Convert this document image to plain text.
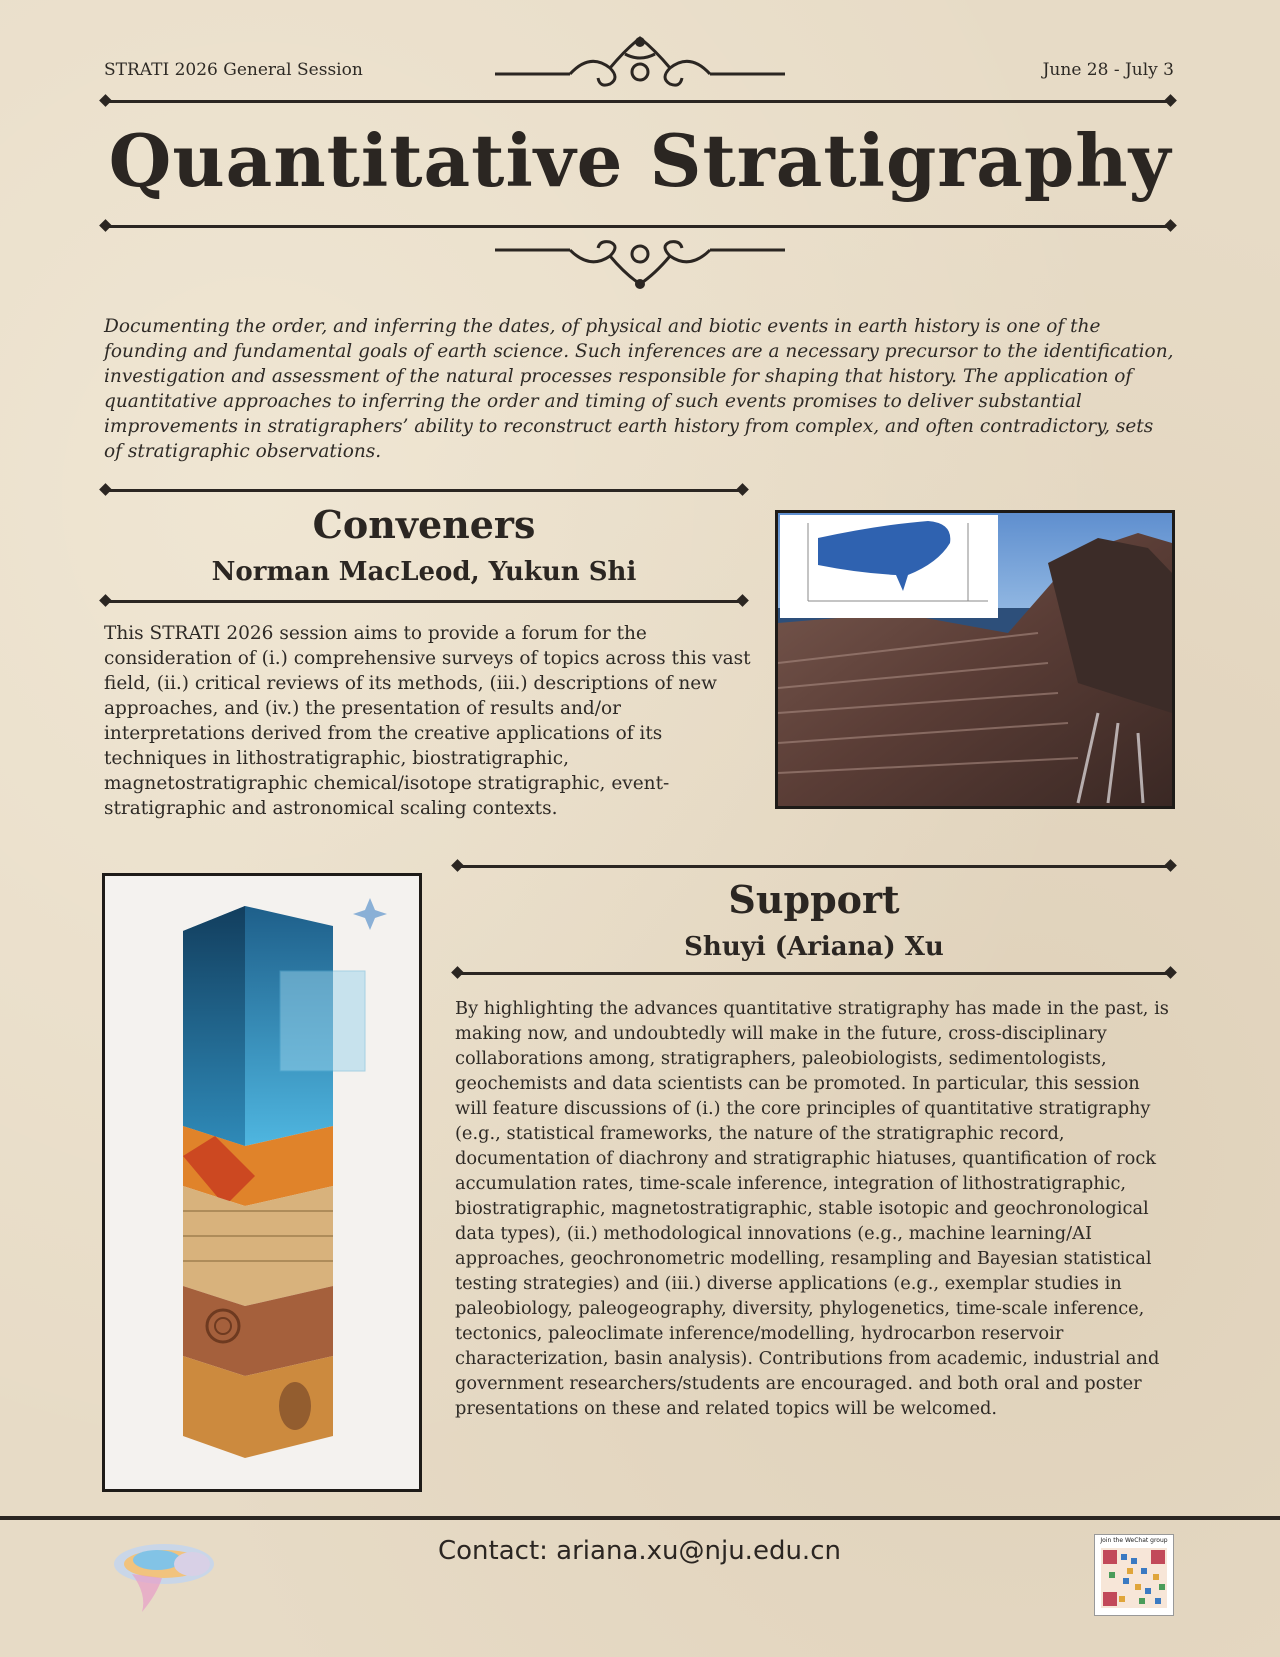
STRATI 2026 General Session	June 28 - July 3
Quantitative Stratigraphy
Documenting the order, and inferring the dates, of physical and biotic events in earth history is one of the founding and fundamental goals of earth science. Such inferences are a necessary precursor to the identification, investigation and assessment of the natural processes responsible for shaping that history. The application of quantitative approaches to inferring the order and timing of such events promises to deliver substantial improvements in stratigraphers’ ability to reconstruct earth history from complex, and often contradictory, sets of stratigraphic observations.
Conveners
Norman MacLeod, Yukun Shi
This STRATI 2026 session aims to provide a forum for the consideration of (i.) comprehensive surveys of topics across this vast field, (ii.) critical reviews of its methods, (iii.) descriptions of new approaches, and (iv.) the presentation of results and/or interpretations derived from the creative applications of its techniques in lithostratigraphic, biostratigraphic, magnetostratigraphic chemical/isotope stratigraphic, event-stratigraphic and astronomical scaling contexts.
Support
Shuyi (Ariana) Xu
By highlighting the advances quantitative stratigraphy has made in the past, is making now, and undoubtedly will make in the future, cross-disciplinary collaborations among, stratigraphers, paleobiologists, sedimentologists, geochemists and data scientists can be promoted. In particular, this session will feature discussions of (i.) the core principles of quantitative stratigraphy (e.g., statistical frameworks, the nature of the stratigraphic record, documentation of diachrony and stratigraphic hiatuses, quantification of rock accumulation rates, time-scale inference, integration of lithostratigraphic, biostratigraphic, magnetostratigraphic, stable isotopic and geochronological data types), (ii.) methodological innovations (e.g., machine learning/AI approaches, geochronometric modelling, resampling and Bayesian statistical testing strategies) and (iii.) diverse applications (e.g., exemplar studies in paleobiology, paleogeography, diversity, phylogenetics, time-scale inference, tectonics, paleoclimate inference/modelling, hydrocarbon reservoir characterization, basin analysis). Contributions from academic, industrial and government researchers/students are encouraged. and both oral and poster presentations on these and related topics will be welcomed.
Contact: ariana.xu@nju.edu.cn	Join the WeChat group
